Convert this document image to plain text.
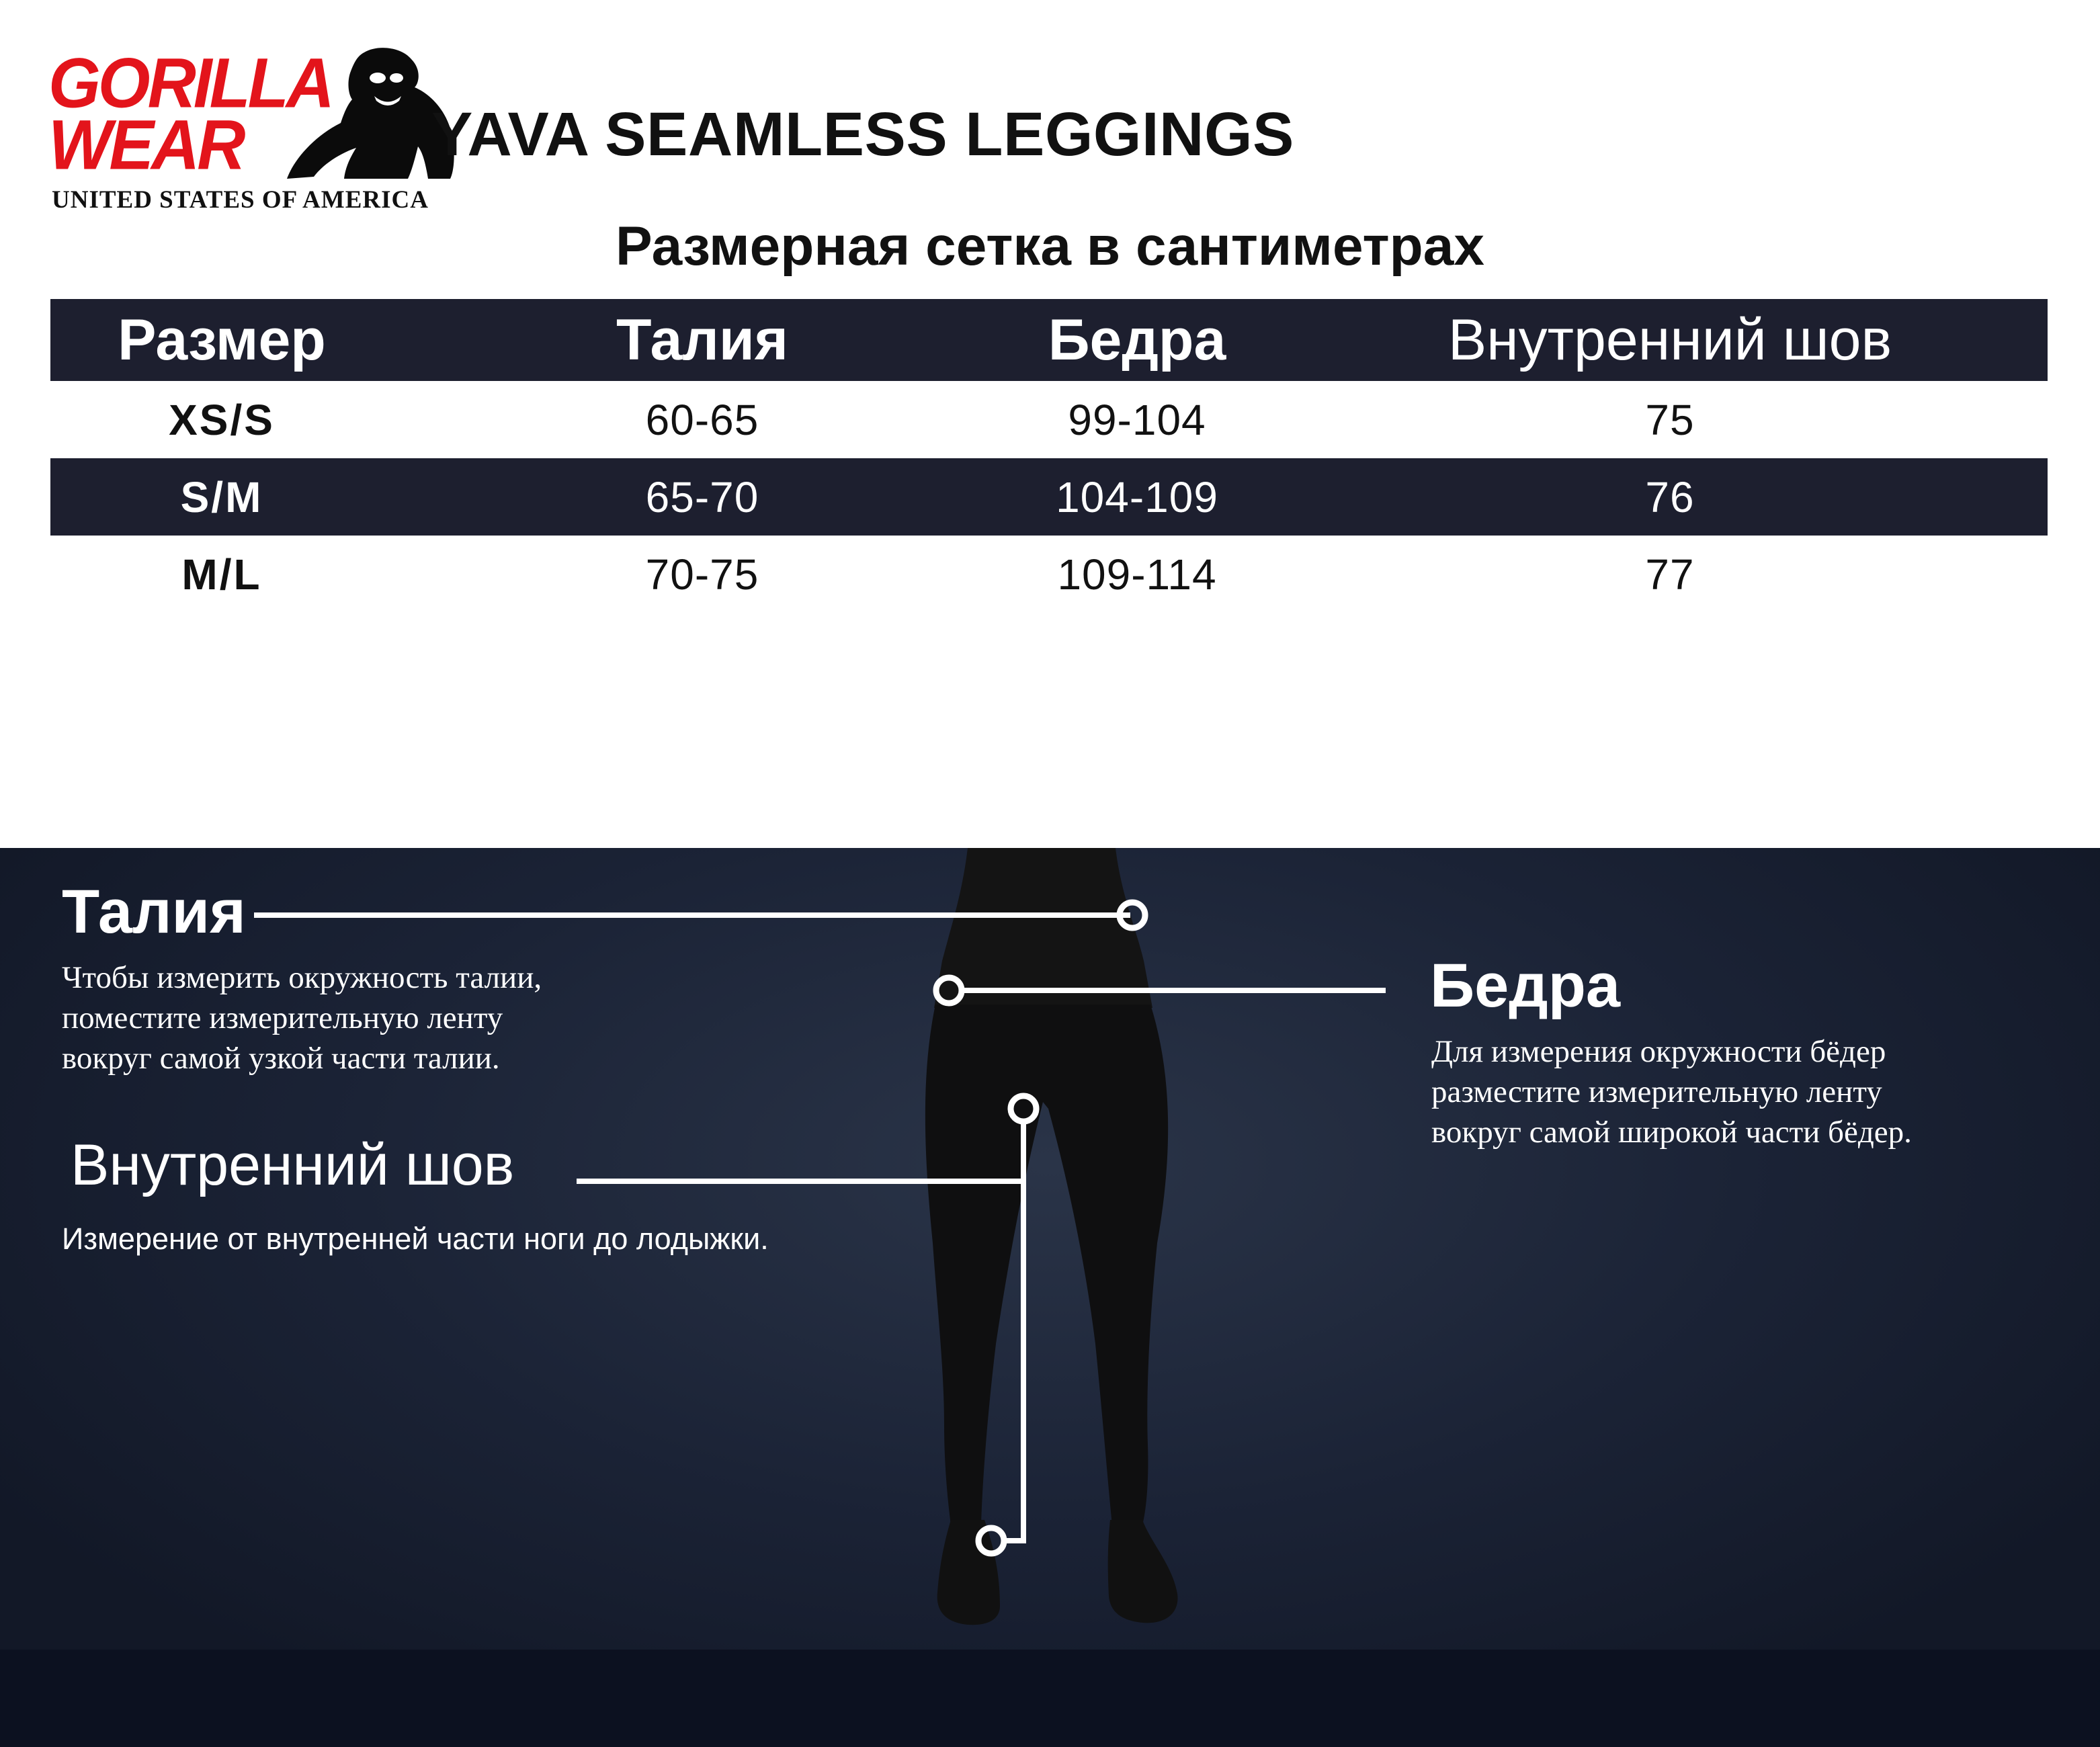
GORILLA
WEAR
UNITED STATES OF AMERICA
YAVA SEAMLESS LEGGINGS
Размерная сетка в сантиметрах
Размер	Талия	Бедра	Внутренний шов
XS/S	60-65	99-104	75
S/M	65-70	104-109	76
M/L	70-75	109-114	77
Талия
Чтобы измерить окружность талии,
поместите измерительную ленту
вокруг самой узкой части талии.
Бедра
Для измерения окружности бёдер
разместите измерительную ленту
вокруг самой широкой части бёдер.
Внутренний шов
Измерение от внутренней части ноги до лодыжки.
